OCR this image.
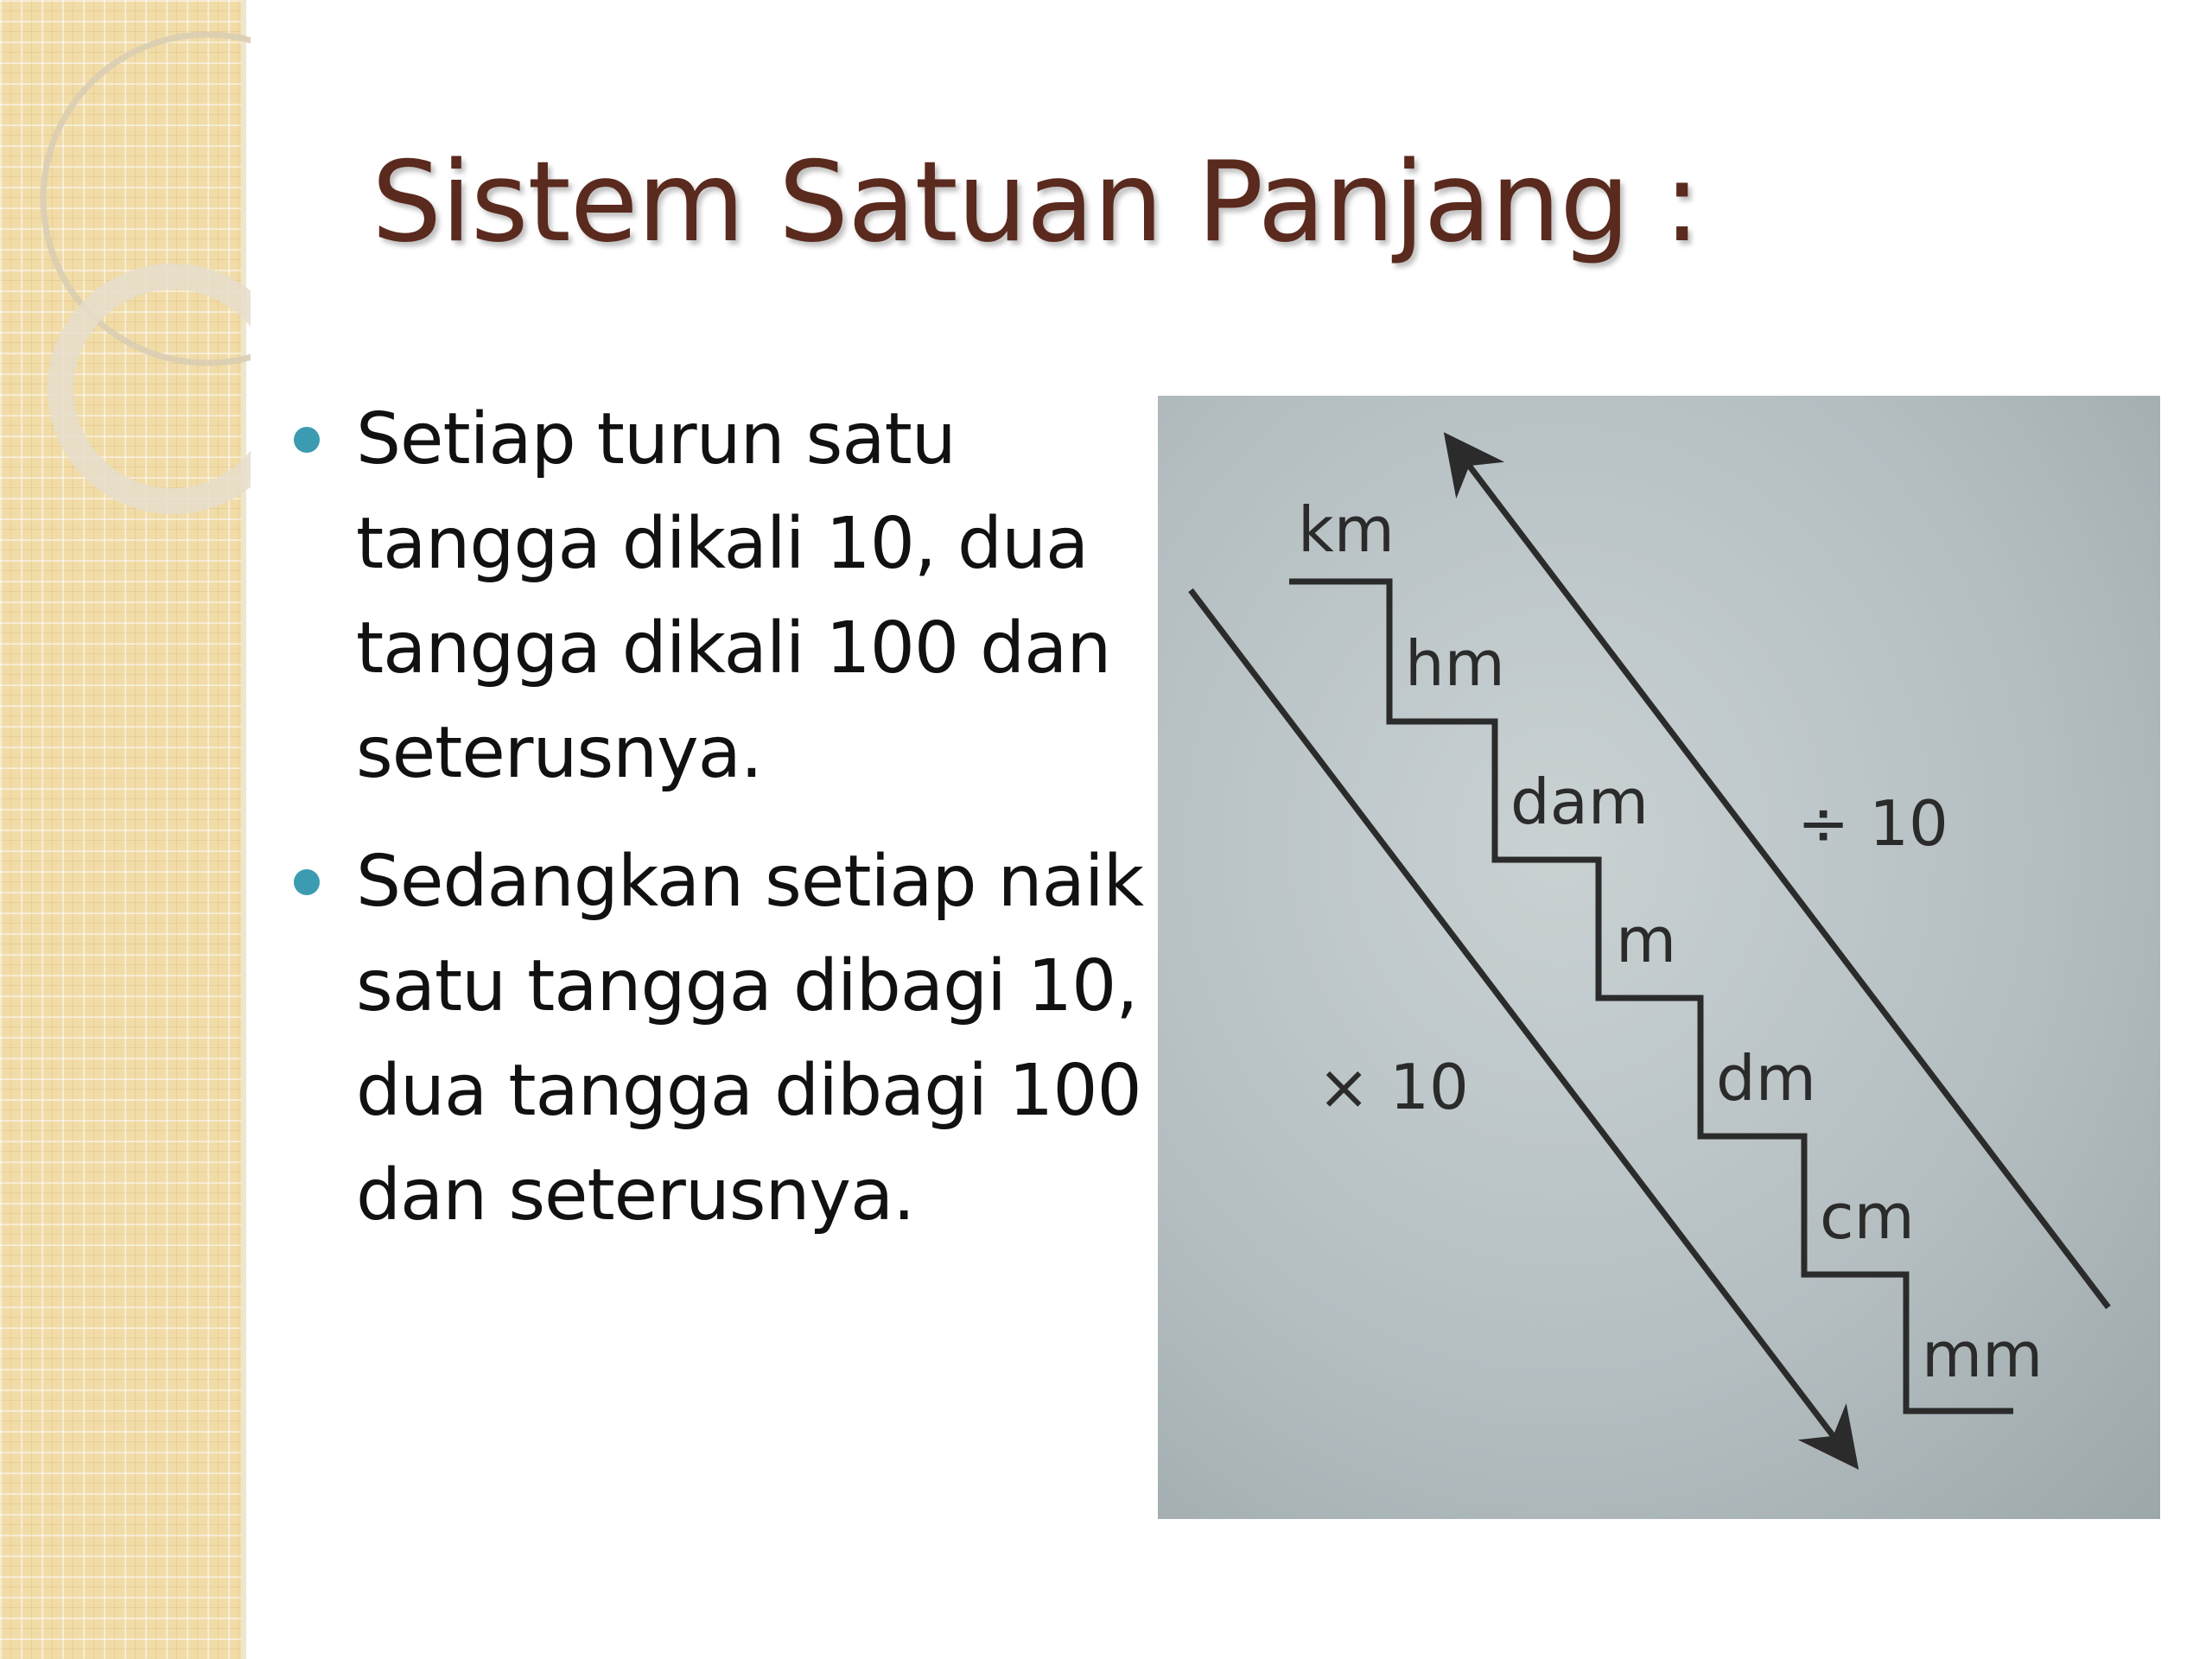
Sistem Satuan Panjang :
Setiap turun satu
tangga dikali 10, dua
tangga dikali 100 dan
seterusnya.
Sedangkan setiap naik
satu tangga dibagi 10,
dua tangga dibagi 100
dan seterusnya.
km
hm
dam
m
dm
cm
mm
× 10
÷ 10
